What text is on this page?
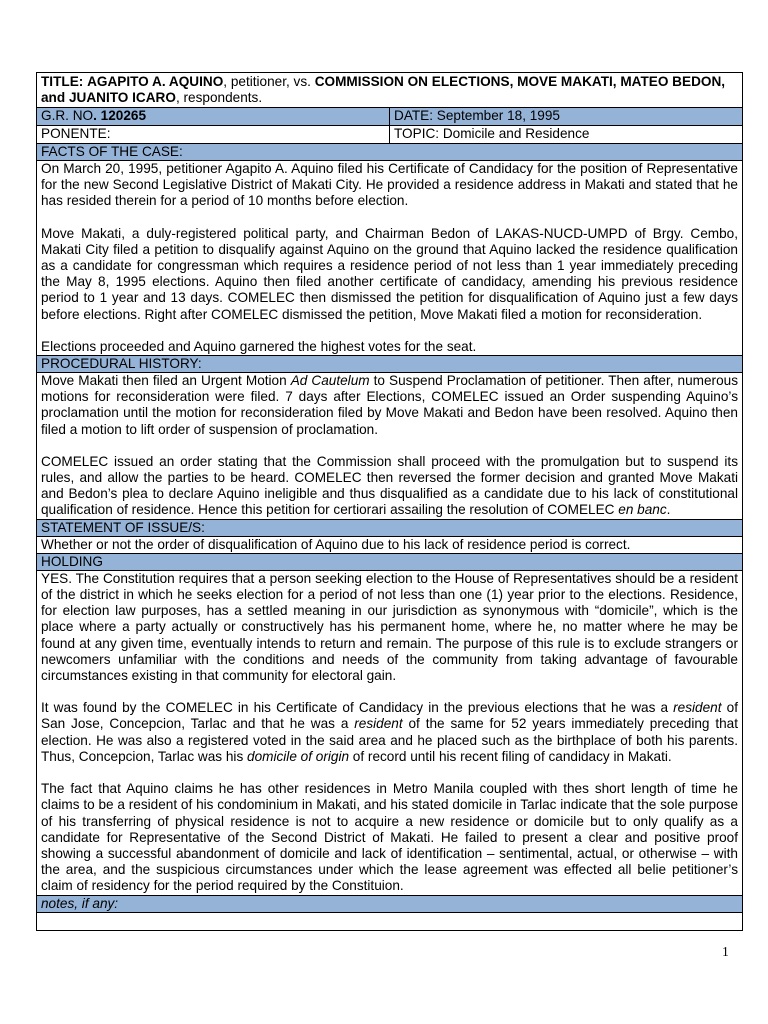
TITLE: AGAPITO A. AQUINO, petitioner, vs. COMMISSION ON ELECTIONS, MOVE MAKATI, MATEO BEDON, and JUANITO ICARO, respondents.
G.R. NO. 120265	DATE: September 18, 1995
PONENTE:	TOPIC: Domicile and Residence
FACTS OF THE CASE:

On March 20, 1995, petitioner Agapito A. Aquino filed his Certificate of Candidacy for the position of Representative for the new Second Legislative District of Makati City. He provided a residence address in Makati and stated that he has resided therein for a period of 10 months before election.

Move Makati, a duly-registered political party, and Chairman Bedon of LAKAS-NUCD-UMPD of Brgy. Cembo, Makati City filed a petition to disqualify against Aquino on the ground that Aquino lacked the residence qualification as a candidate for congressman which requires a residence period of not less than 1 year immediately preceding the May 8, 1995 elections. Aquino then filed another certificate of candidacy, amending his previous residence period to 1 year and 13 days. COMELEC then dismissed the petition for disqualification of Aquino just a few days before elections. Right after COMELEC dismissed the petition, Move Makati filed a motion for reconsideration.

Elections proceeded and Aquino garnered the highest votes for the seat.

PROCEDURAL HISTORY:

Move Makati then filed an Urgent Motion Ad Cautelum to Suspend Proclamation of petitioner. Then after, numerous motions for reconsideration were filed. 7 days after Elections, COMELEC issued an Order suspending Aquino’s proclamation until the motion for reconsideration filed by Move Makati and Bedon have been resolved. Aquino then filed a motion to lift order of suspension of proclamation.

COMELEC issued an order stating that the Commission shall proceed with the promulgation but to suspend its rules, and allow the parties to be heard. COMELEC then reversed the former decision and granted Move Makati and Bedon’s plea to declare Aquino ineligible and thus disqualified as a candidate due to his lack of constitutional qualification of residence. Hence this petition for certiorari assailing the resolution of COMELEC en banc.

STATEMENT OF ISSUE/S:
Whether or not the order of disqualification of Aquino due to his lack of residence period is correct.
HOLDING

YES. The Constitution requires that a person seeking election to the House of Representatives should be a resident of the district in which he seeks election for a period of not less than one (1) year prior to the elections. Residence, for election law purposes, has a settled meaning in our jurisdiction as synonymous with “domicile”, which is the place where a party actually or constructively has his permanent home, where he, no matter where he may be found at any given time, eventually intends to return and remain. The purpose of this rule is to exclude strangers or newcomers unfamiliar with the conditions and needs of the community from taking advantage of favourable circumstances existing in that community for electoral gain.

It was found by the COMELEC in his Certificate of Candidacy in the previous elections that he was a resident of San Jose, Concepcion, Tarlac and that he was a resident of the same for 52 years immediately preceding that election. He was also a registered voted in the said area and he placed such as the birthplace of both his parents. Thus, Concepcion, Tarlac was his domicile of origin of record until his recent filing of candidacy in Makati.

The fact that Aquino claims he has other residences in Metro Manila coupled with thes short length of time he claims to be a resident of his condominium in Makati, and his stated domicile in Tarlac indicate that the sole purpose of his transferring of physical residence is not to acquire a new residence or domicile but to only qualify as a candidate for Representative of the Second District of Makati. He failed to present a clear and positive proof showing a successful abandonment of domicile and lack of identification – sentimental, actual, or otherwise – with the area, and the suspicious circumstances under which the lease agreement was effected all belie petitioner’s claim of residency for the period required by the Constituion.

notes, if any:
1
